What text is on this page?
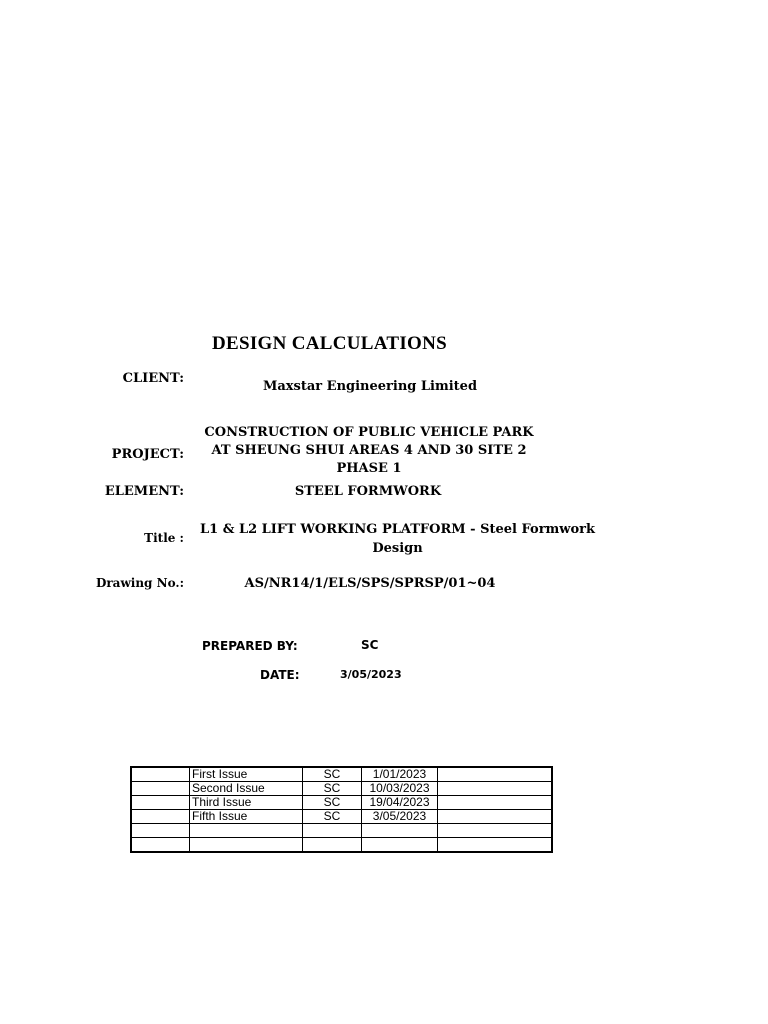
DESIGN CALCULATIONS
CLIENT:
Maxstar Engineering Limited
PROJECT:
CONSTRUCTION OF PUBLIC VEHICLE PARK
AT SHEUNG SHUI AREAS 4 AND 30 SITE 2
PHASE 1
ELEMENT:	STEEL FORMWORK
Title :
L1 & L2 LIFT WORKING PLATFORM - Steel Formwork
Design
Drawing No.:	AS/NR14/1/ELS/SPS/SPRSP/01~04
PREPARED BY:	SC
DATE:	3/05/2023
	First Issue	SC	1/01/2023	
	Second Issue	SC	10/03/2023	
	Third Issue	SC	19/04/2023	
	Fifth Issue	SC	3/05/2023	
